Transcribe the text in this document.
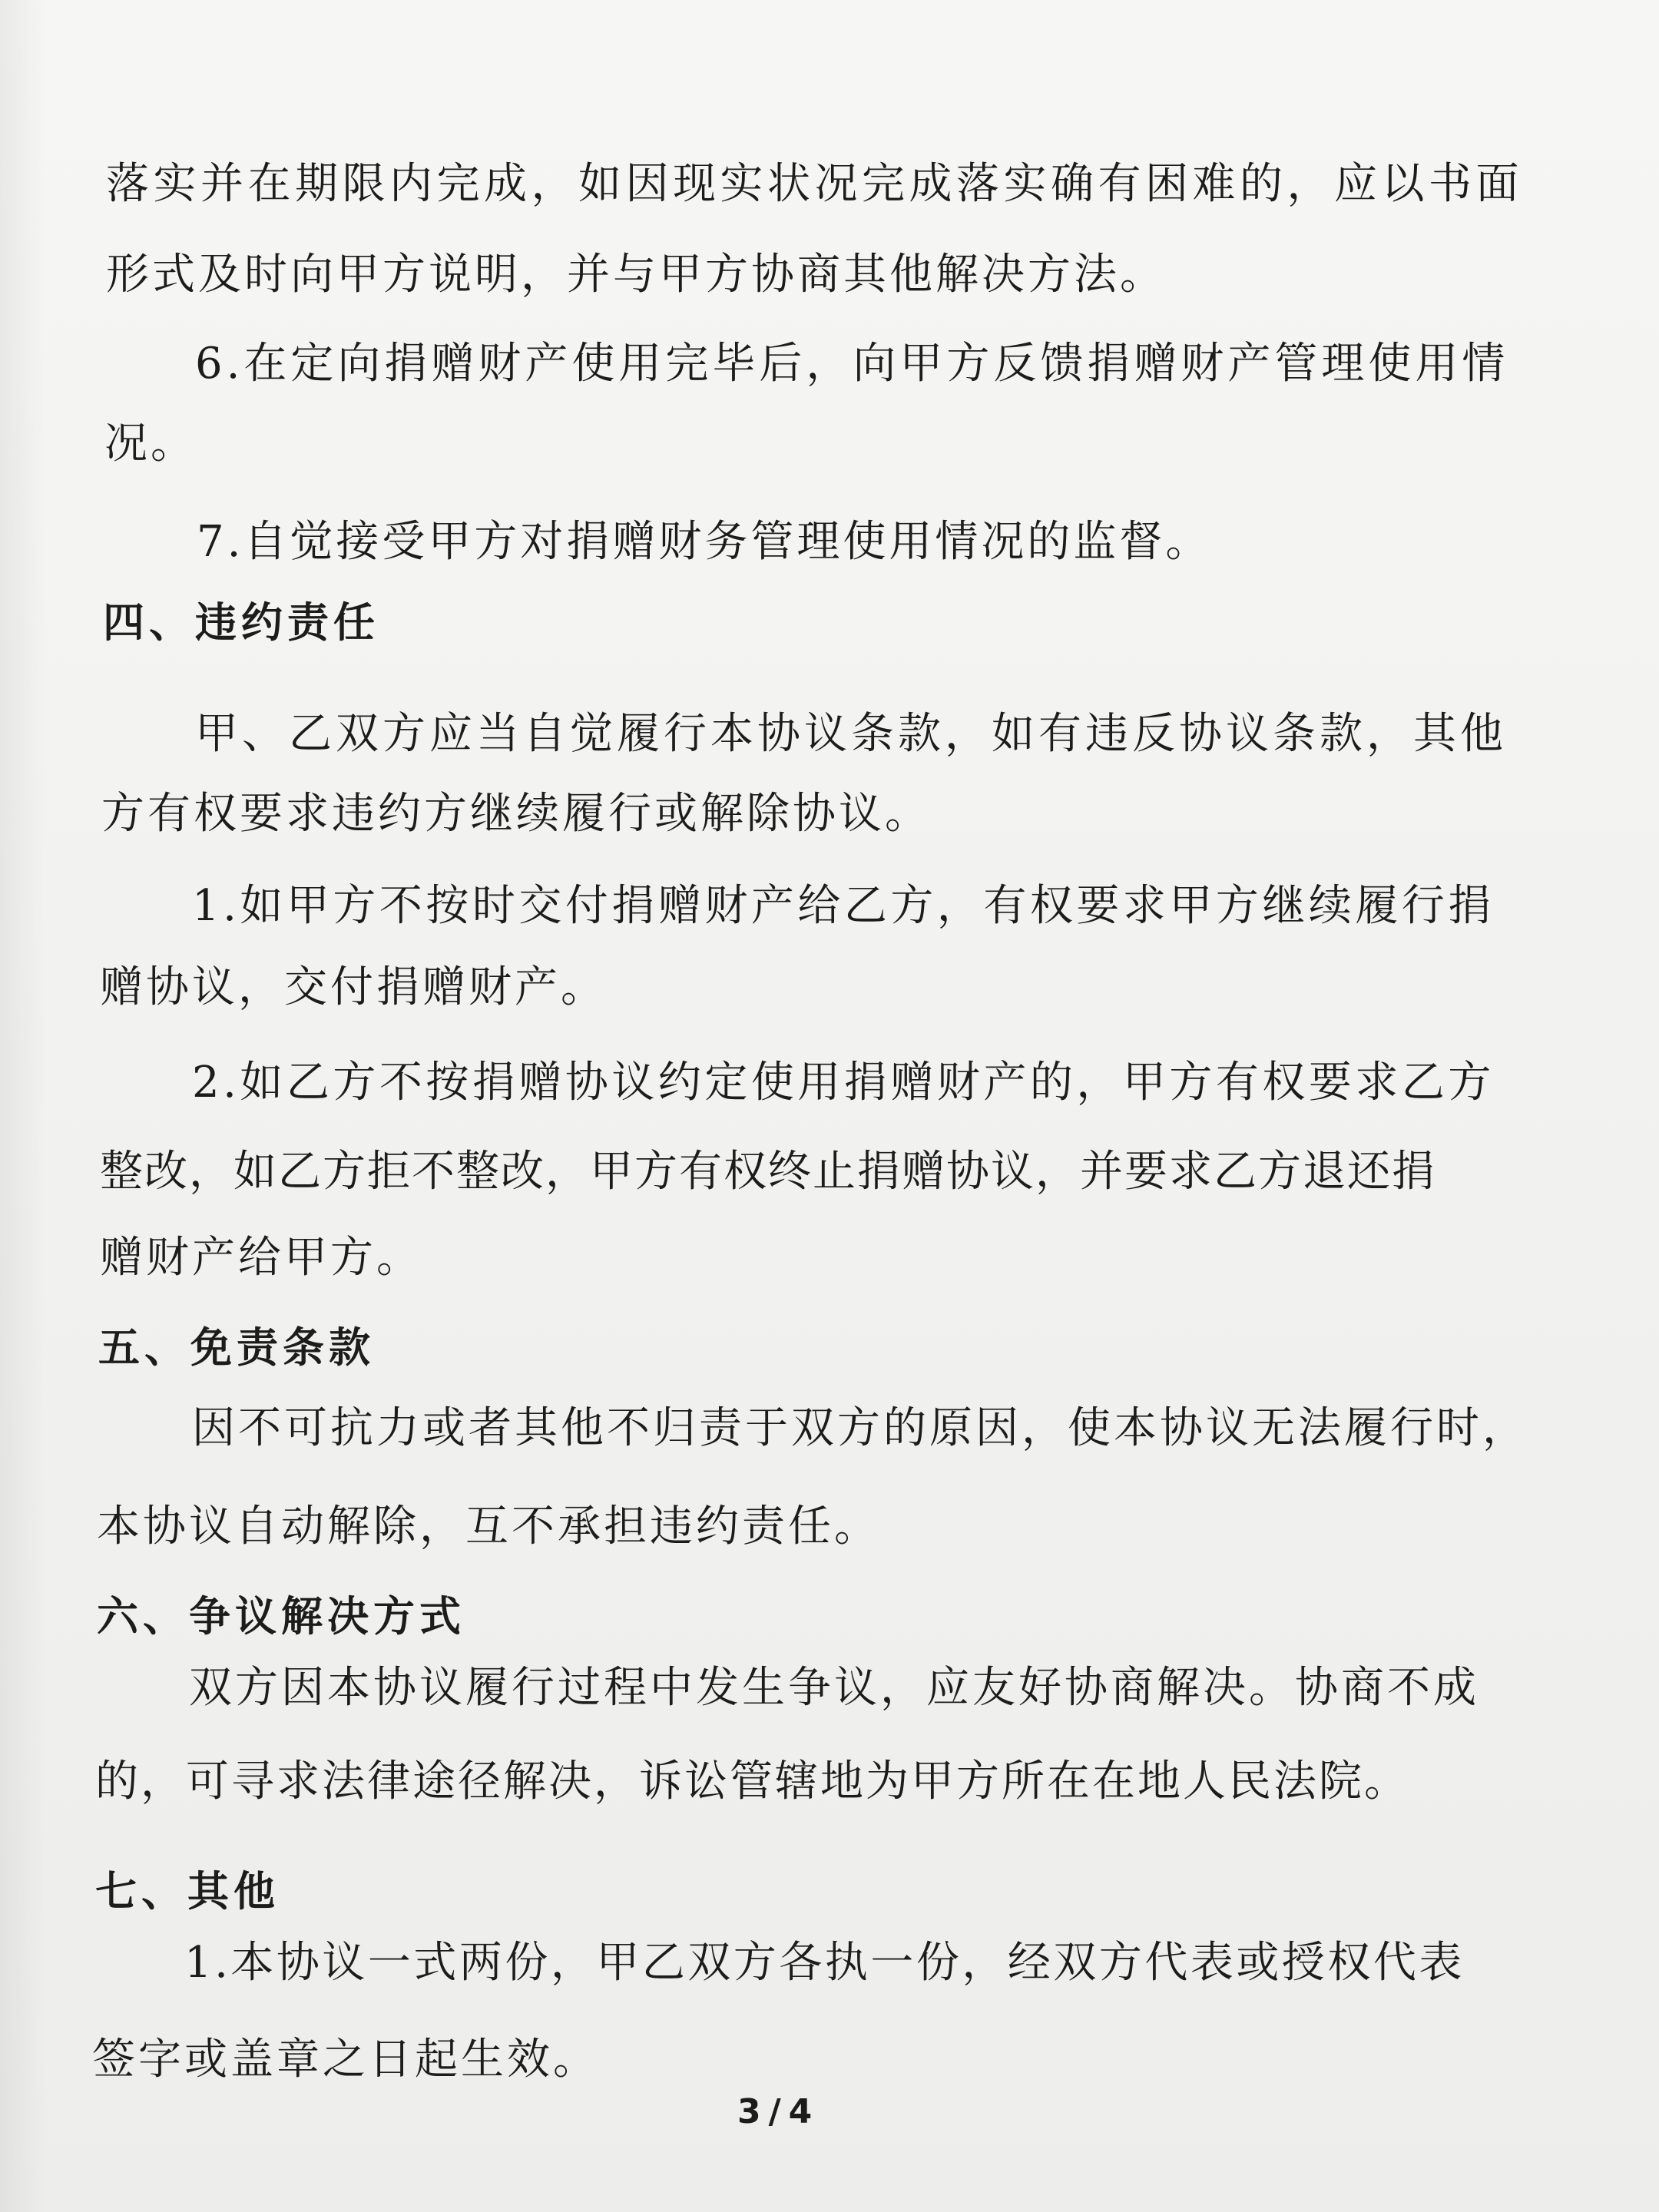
落实并在期限内完成，如因现实状况完成落实确有困难的，应以书面
形式及时向甲方说明，并与甲方协商其他解决方法。
6.在定向捐赠财产使用完毕后，向甲方反馈捐赠财产管理使用情
况。
7.自觉接受甲方对捐赠财务管理使用情况的监督。
四、违约责任
甲、乙双方应当自觉履行本协议条款，如有违反协议条款，其他
方有权要求违约方继续履行或解除协议。
1.如甲方不按时交付捐赠财产给乙方，有权要求甲方继续履行捐
赠协议，交付捐赠财产。
2.如乙方不按捐赠协议约定使用捐赠财产的，甲方有权要求乙方
整改，如乙方拒不整改，甲方有权终止捐赠协议，并要求乙方退还捐
赠财产给甲方。
五、免责条款
因不可抗力或者其他不归责于双方的原因，使本协议无法履行时，
本协议自动解除，互不承担违约责任。
六、争议解决方式
双方因本协议履行过程中发生争议，应友好协商解决。协商不成
的，可寻求法律途径解决，诉讼管辖地为甲方所在在地人民法院。
七、其他
1.本协议一式两份，甲乙双方各执一份，经双方代表或授权代表
签字或盖章之日起生效。
3/4
